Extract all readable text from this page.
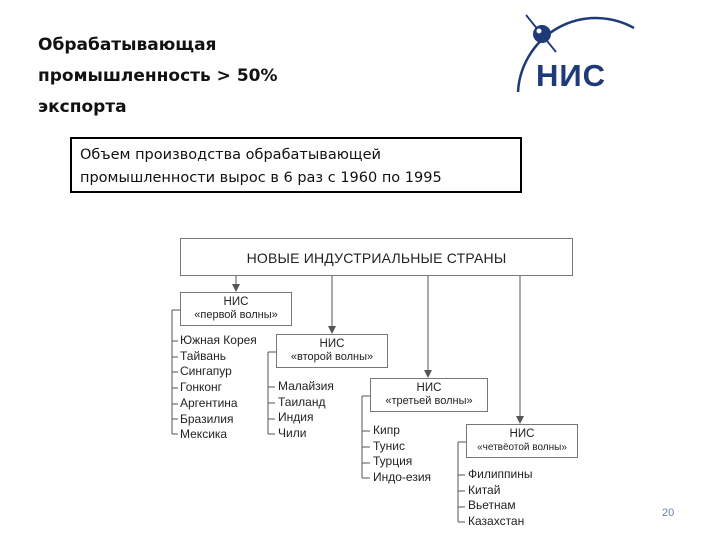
Обрабатывающая
промышленность > 50%
экспорта
НИС
Объем производства обрабатывающей
промышленности вырос в 6 раз с 1960 по 1995
НОВЫЕ ИНДУСТРИАЛЬНЫЕ СТРАНЫ
НИС
«первой волны»
НИС
«второй волны»
НИС
«третьей волны»
НИС
«четвёотой волны»
Южная Корея
Тайвань
Сингапур
Гонконг
Аргентина
Бразилия
Мексика
Малайзия
Таиланд
Индия
Чили	Кипр
Тунис
Турция
Индо-езия	Филиппины
Китай
Вьетнам
Казахстан
20
